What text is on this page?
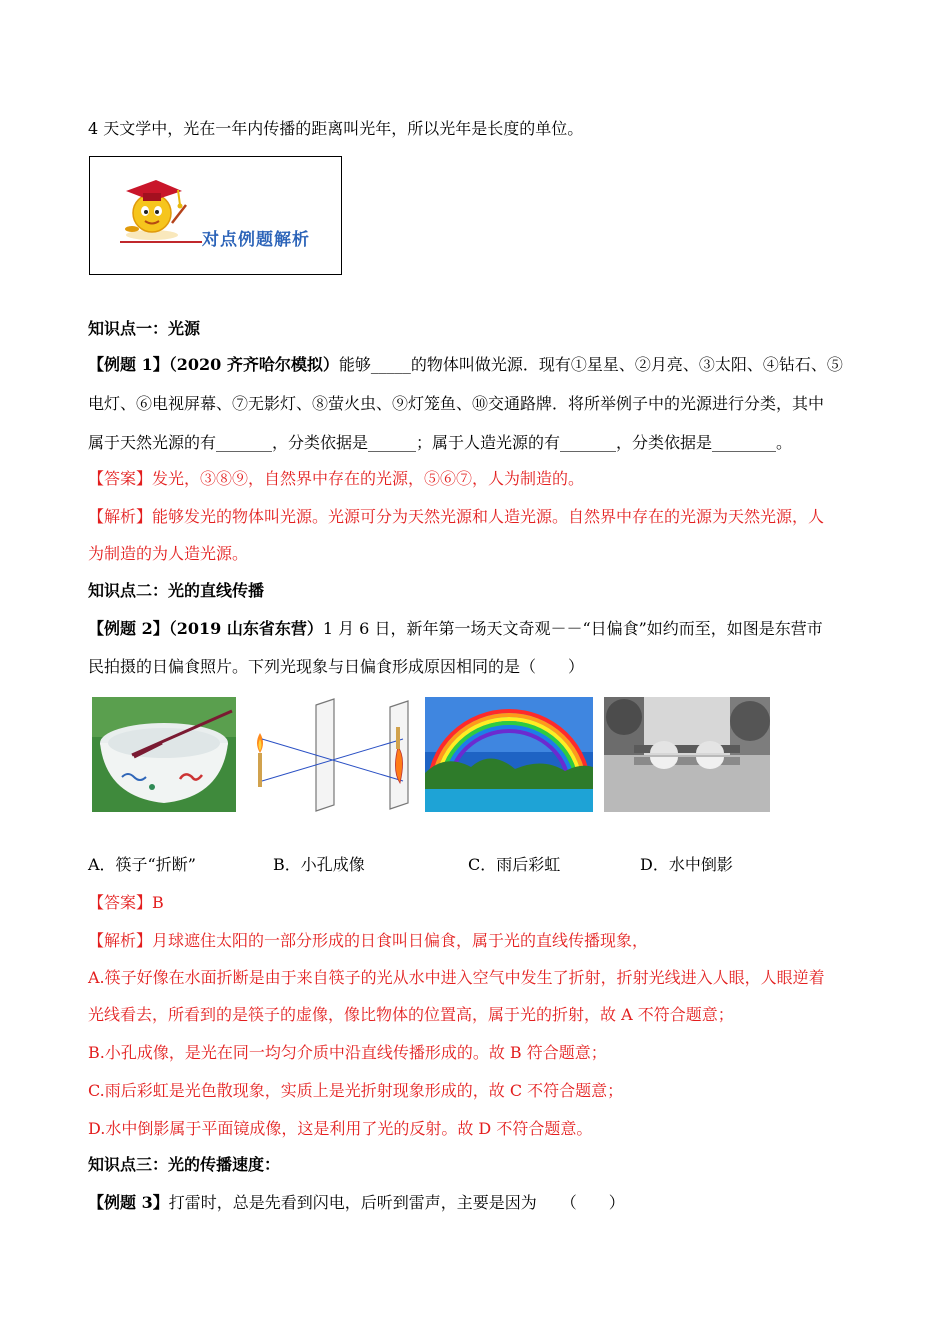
4 天文学中，光在一年内传播的距离叫光年，所以光年是长度的单位。
对点例题解析
知识点一：光源
【例题 1】（2020 齐齐哈尔模拟）能够_____的物体叫做光源．现有①星星、②月亮、③太阳、④钻石、⑤
电灯、⑥电视屏幕、⑦无影灯、⑧萤火虫、⑨灯笼鱼、⑩交通路牌．将所举例子中的光源进行分类，其中
属于天然光源的有_______，分类依据是______；属于人造光源的有_______，分类依据是________。
【答案】发光，③⑧⑨，自然界中存在的光源，⑤⑥⑦，人为制造的。
【解析】能够发光的物体叫光源。光源可分为天然光源和人造光源。自然界中存在的光源为天然光源，人
为制造的为人造光源。
知识点二：光的直线传播
【例题 2】（2019 山东省东营）1 月 6 日，新年第一场天文奇观－－“日偏食”如约而至，如图是东营市
民拍摄的日偏食照片。下列光现象与日偏食形成原因相同的是（　　）
A．筷子“折断”	B．小孔成像	C．雨后彩虹	D．水中倒影
【答案】B
【解析】月球遮住太阳的一部分形成的日食叫日偏食，属于光的直线传播现象，
A.筷子好像在水面折断是由于来自筷子的光从水中进入空气中发生了折射，折射光线进入人眼，人眼逆着
光线看去，所看到的是筷子的虚像，像比物体的位置高，属于光的折射，故 A 不符合题意；
B.小孔成像，是光在同一均匀介质中沿直线传播形成的。故 B 符合题意；
C.雨后彩虹是光色散现象，实质上是光折射现象形成的，故 C 不符合题意；
D.水中倒影属于平面镜成像，这是利用了光的反射。故 D 不符合题意。
知识点三：光的传播速度：
【例题 3】打雷时，总是先看到闪电，后听到雷声，主要是因为　　（　　）
